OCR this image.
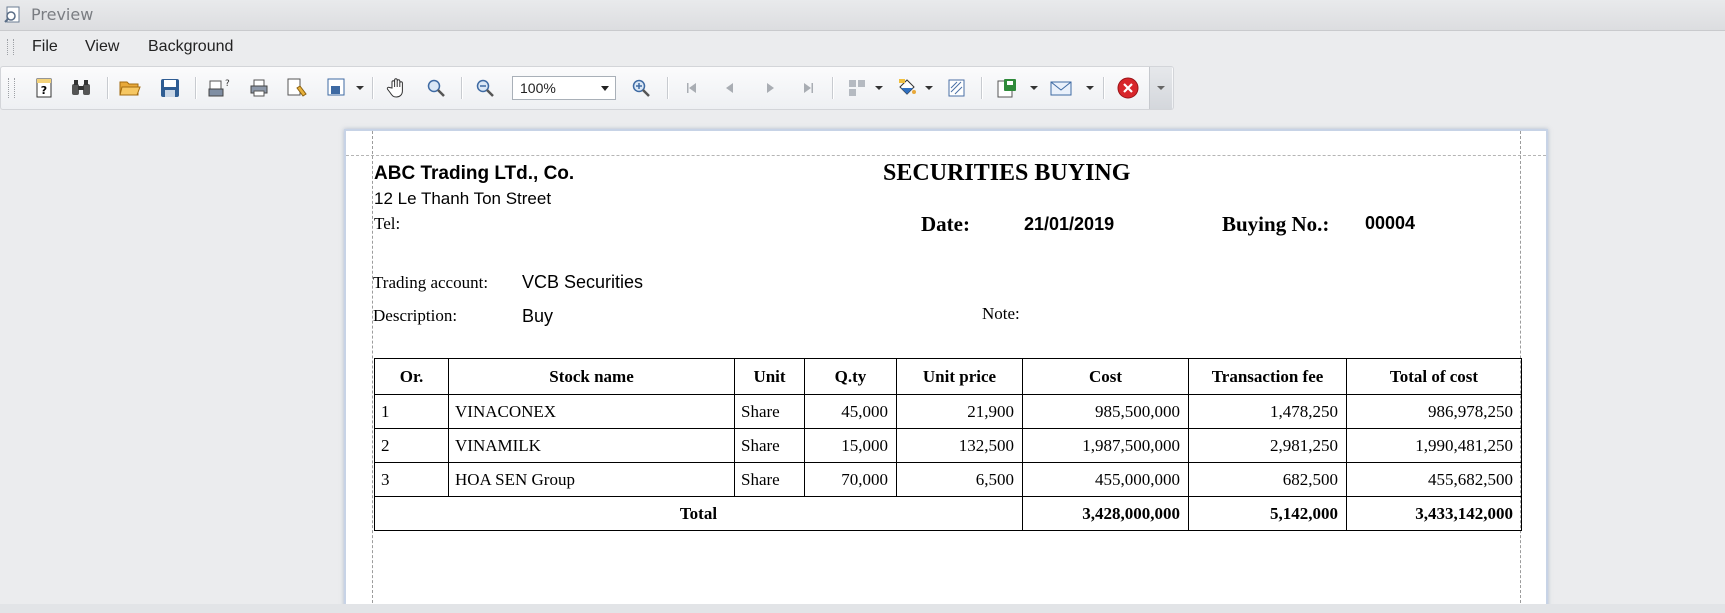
Preview
File View Background
?	?	100%
ABC Trading LTd., Co.
12 Le Thanh Ton Street
Tel:
SECURITIES BUYING
Date:	21/01/2019	Buying No.: 00004
Trading account: VCB Securities
Description:	Buy	Note:
Or.	Stock name	Unit	Q.ty	Unit price	Cost	Transaction fee	Total of cost
1	VINACONEX	Share	45,000	21,900	985,500,000	1,478,250	986,978,250
2	VINAMILK	Share	15,000	132,500	1,987,500,000	2,981,250	1,990,481,250
3	HOA SEN Group	Share	70,000	6,500	455,000,000	682,500	455,682,500
Total					3,428,000,000	5,142,000	3,433,142,000
